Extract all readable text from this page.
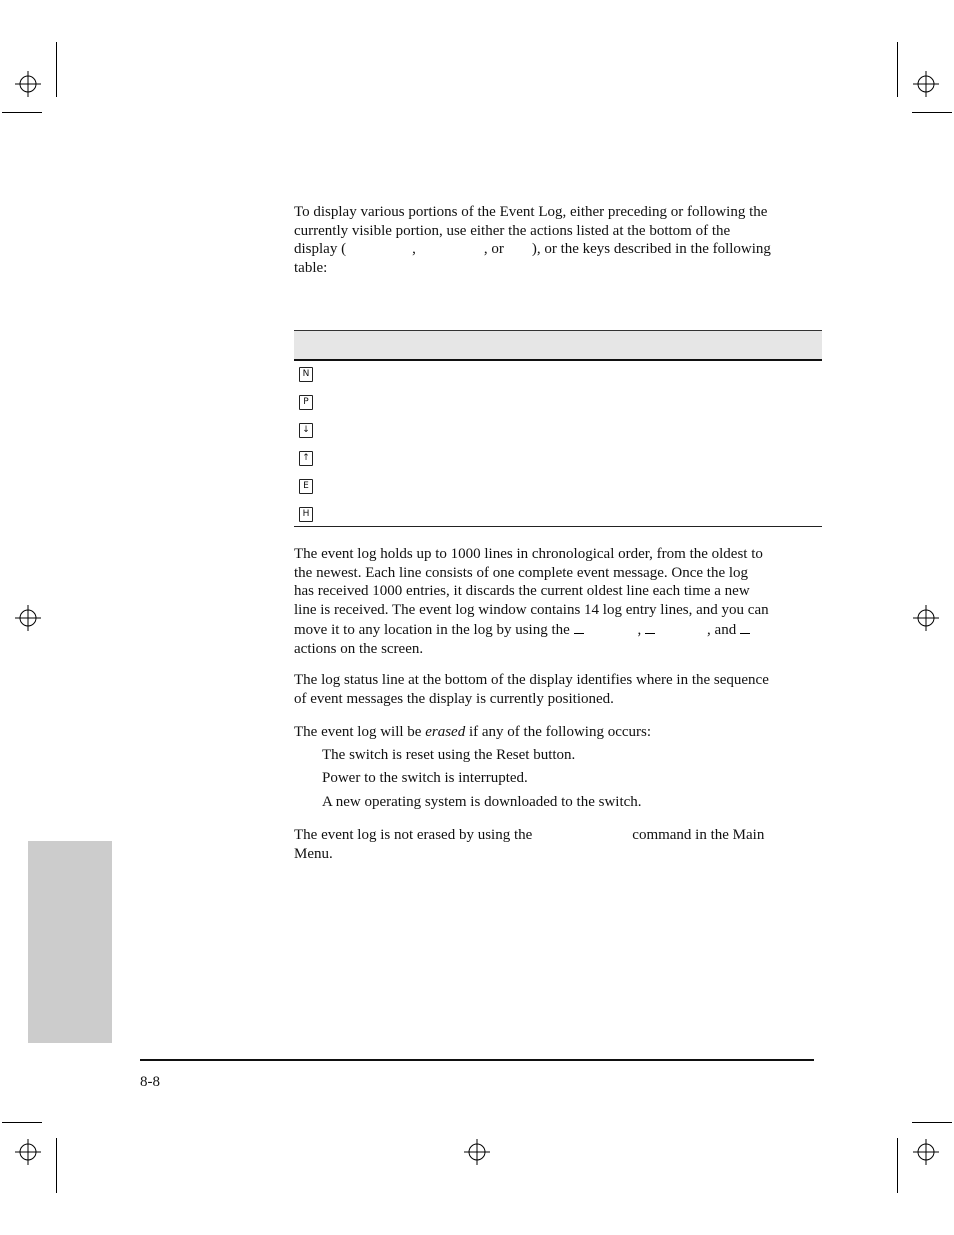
To display various portions of the Event Log, either preceding or following the
currently visible portion, use either the actions listed at the bottom of the
display (	,	, or ), or the keys described in the following
table:
N
P
↓
↑
E
H
The event log holds up to 1000 lines in chronological order, from the oldest to
the newest. Each line consists of one complete event message. Once the log
has received 1000 entries, it discards the current oldest line each time a new
line is received. The event log window contains 14 log entry lines, and you can
move it to any location in the log by using the	,	, and
actions on the screen.
The log status line at the bottom of the display identifies where in the sequence
of event messages the display is currently positioned.
The event log will be erased if any of the following occurs:
The switch is reset using the Reset button.
Power to the switch is interrupted.
A new operating system is downloaded to the switch.
The event log is not erased by using the	command in the Main
Menu.
8-8
